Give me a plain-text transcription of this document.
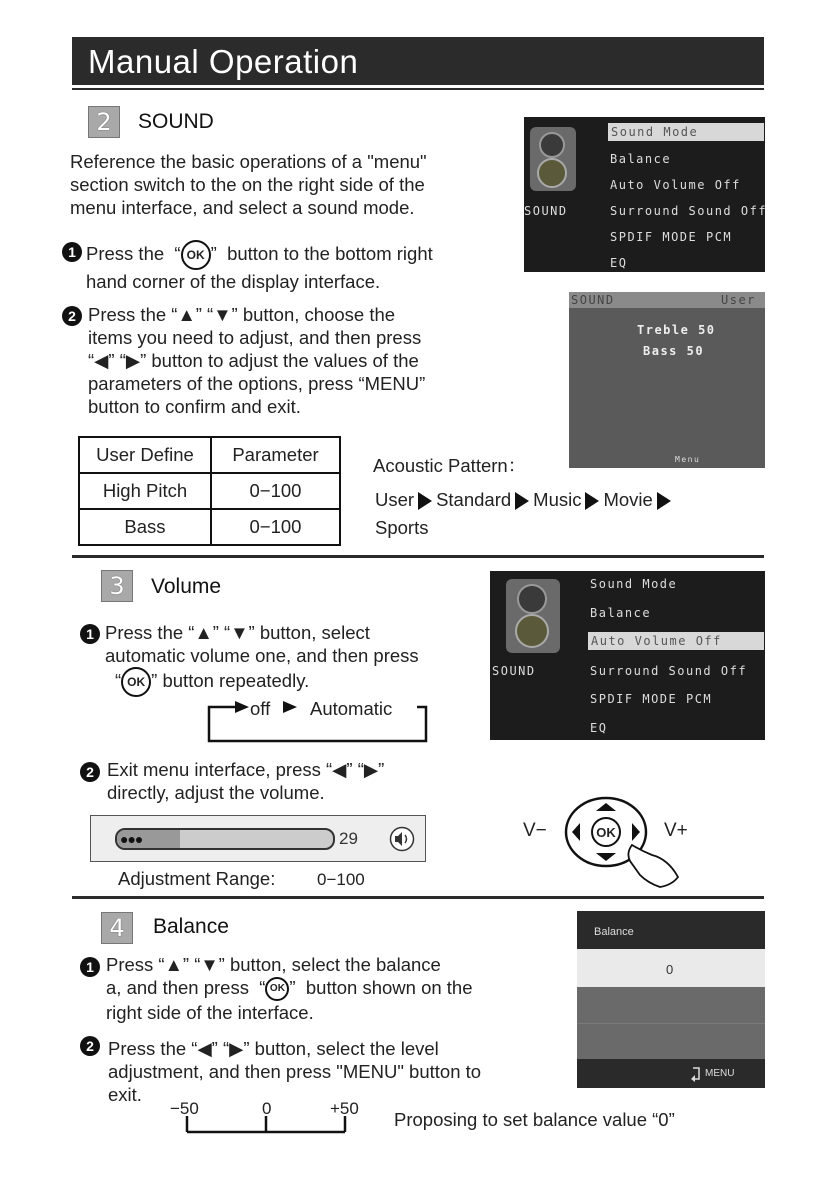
Manual Operation
2	SOUND
Reference the basic operations of a "menu"
section switch to the on the right side of the
menu interface, and select a sound mode.
1 Press the  “ OK ”  button to the bottom right
hand corner of the display interface.
2 Press the “▲” “▼” button, choose the
items you need to adjust, and then press
“◀” “▶” button to adjust the values of the
parameters of the options, press “MENU”
button to confirm and exit.
SOUND
Sound Mode
Balance
Auto Volume Off
Surround Sound Off
SPDIF MODE PCM
EQ
SOUND	User
Treble 50
Bass 50
Menu
User Define	Parameter
High Pitch	0−100
Bass	0−100
Acoustic Pattern：
User Standard Music Movie
Sports
3	Volume
1 Press the “▲” “▼” button, select
automatic volume one, and then press
“ OK ” button repeatedly.
off Automatic
SOUND
Sound Mode
Balance
Auto Volume Off
Surround Sound Off
SPDIF MODE PCM
EQ
2 Exit menu interface, press “◀” “▶”
directly, adjust the volume.
●●●	29
Adjustment Range: 0−100
V−	V+
OK
4	Balance
1 Press “▲” “▼” button, select the balance
a, and then press  “ OK ”  button shown on the
right side of the interface.
2 Press the “◀” “▶” button, select the level
adjustment, and then press "MENU" button to
exit.
−50	0	+50
Proposing to set balance value “0”
Balance
0
MENU
